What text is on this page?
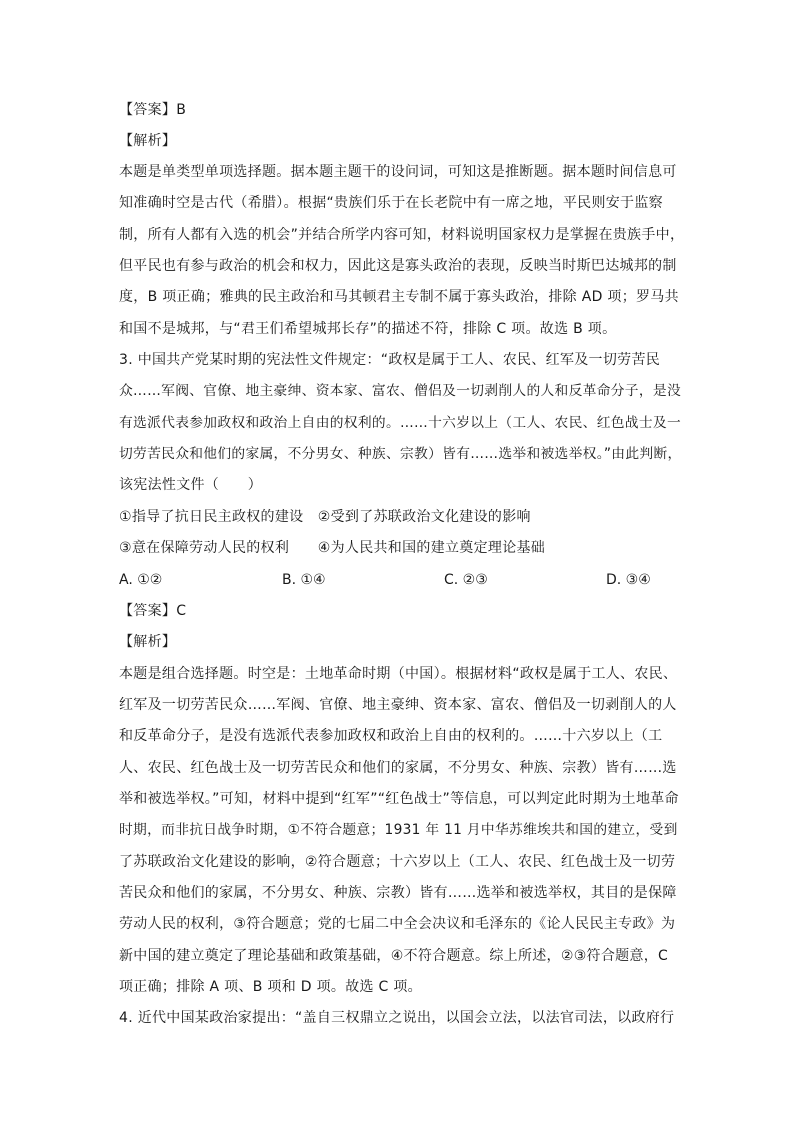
【答案】B
【解析】
本题是单类型单项选择题。据本题主题干的设问词，可知这是推断题。据本题时间信息可
知准确时空是古代（希腊）。根据“贵族们乐于在长老院中有一席之地，平民则安于监察
制，所有人都有入选的机会”并结合所学内容可知，材料说明国家权力是掌握在贵族手中，
但平民也有参与政治的机会和权力，因此这是寡头政治的表现，反映当时斯巴达城邦的制
度，B 项正确；雅典的民主政治和马其顿君主专制不属于寡头政治，排除 AD 项；罗马共
和国不是城邦，与“君王们希望城邦长存”的描述不符，排除 C 项。故选 B 项。
3. 中国共产党某时期的宪法性文件规定：“政权是属于工人、农民、红军及一切劳苦民
众……军阀、官僚、地主豪绅、资本家、富农、僧侣及一切剥削人的人和反革命分子，是没
有选派代表参加政权和政治上自由的权利的。……十六岁以上（工人、农民、红色战士及一
切劳苦民众和他们的家属，不分男女、种族、宗教）皆有……选举和被选举权。”由此判断，
该宪法性文件（　　）
①指导了抗日民主政权的建设　②受到了苏联政治文化建设的影响
③意在保障劳动人民的权利　　④为人民共和国的建立奠定理论基础
A. ①②	B. ①④	C. ②③	D. ③④
【答案】C
【解析】
本题是组合选择题。时空是：土地革命时期（中国）。根据材料“政权是属于工人、农民、
红军及一切劳苦民众……军阀、官僚、地主豪绅、资本家、富农、僧侣及一切剥削人的人
和反革命分子，是没有选派代表参加政权和政治上自由的权利的。……十六岁以上（工
人、农民、红色战士及一切劳苦民众和他们的家属，不分男女、种族、宗教）皆有……选
举和被选举权。”可知，材料中提到“红军”“红色战士”等信息，可以判定此时期为土地革命
时期，而非抗日战争时期，①不符合题意；1931 年 11 月中华苏维埃共和国的建立，受到
了苏联政治文化建设的影响，②符合题意；十六岁以上（工人、农民、红色战士及一切劳
苦民众和他们的家属，不分男女、种族、宗教）皆有……选举和被选举权，其目的是保障
劳动人民的权利，③符合题意；党的七届二中全会决议和毛泽东的《论人民民主专政》为
新中国的建立奠定了理论基础和政策基础，④不符合题意。综上所述，②③符合题意，C
项正确；排除 A 项、B 项和 D 项。故选 C 项。
4. 近代中国某政治家提出：“盖自三权鼎立之说出，以国会立法，以法官司法，以政府行
